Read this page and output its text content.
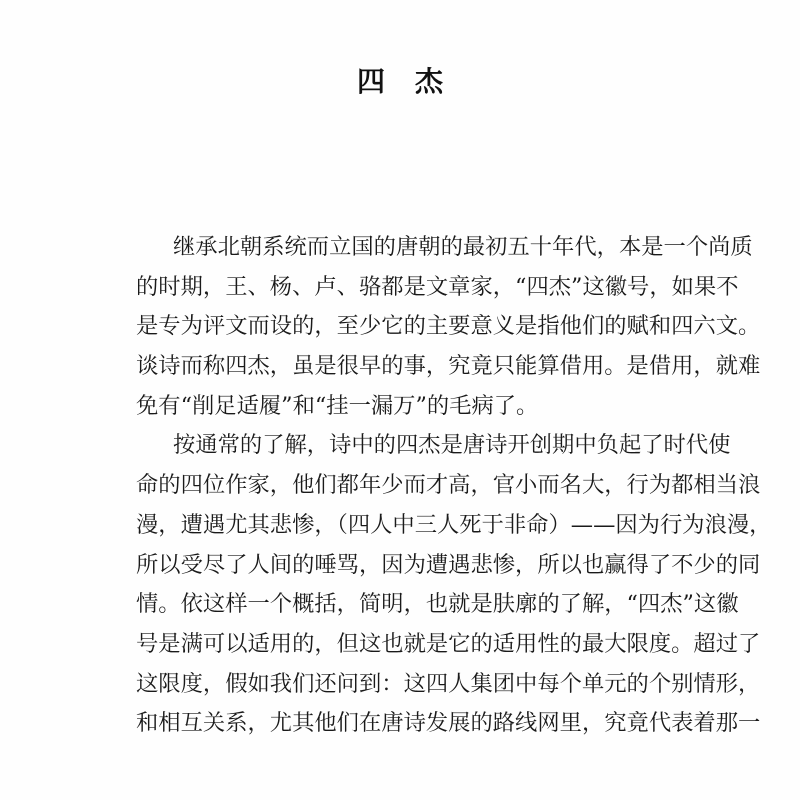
四 杰
继承北朝系统而立国的唐朝的最初五十年代，本是一个尚质
的时期，王、杨、卢、骆都是文章家，“四杰”这徽号，如果不
是专为评文而设的，至少它的主要意义是指他们的赋和四六文。
谈诗而称四杰，虽是很早的事，究竟只能算借用。是借用，就难
免有“削足适履”和“挂一漏万”的毛病了。
按通常的了解，诗中的四杰是唐诗开创期中负起了时代使
命的四位作家，他们都年少而才高，官小而名大，行为都相当浪
漫，遭遇尤其悲惨，（四人中三人死于非命）——因为行为浪漫，
所以受尽了人间的唾骂，因为遭遇悲惨，所以也赢得了不少的同
情。依这样一个概括，简明，也就是肤廓的了解，“四杰”这徽
号是满可以适用的，但这也就是它的适用性的最大限度。超过了
这限度，假如我们还问到：这四人集团中每个单元的个别情形，
和相互关系，尤其他们在唐诗发展的路线网里，究竟代表着那一
